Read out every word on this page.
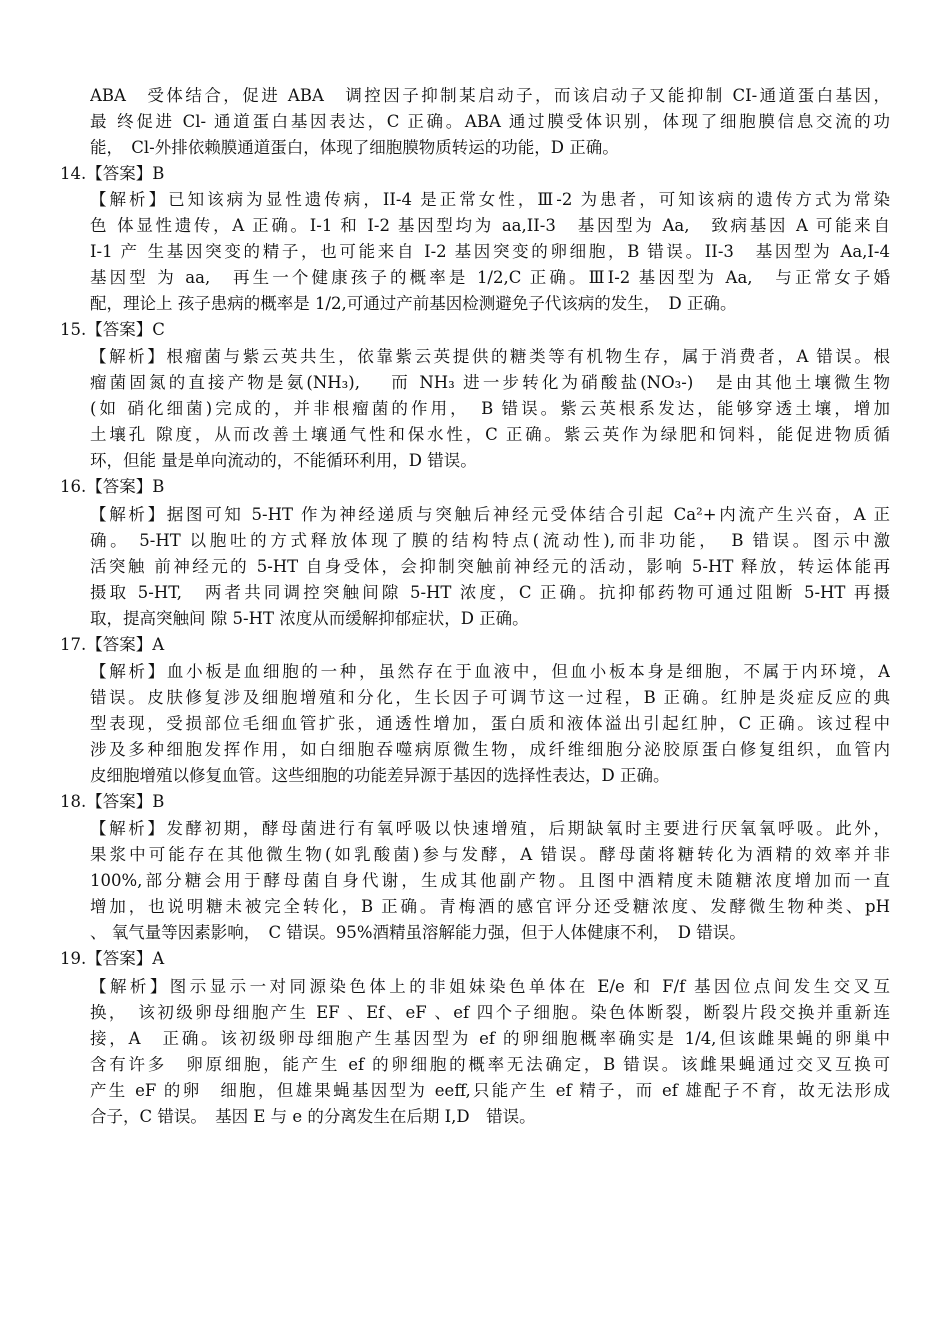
ABA　受体结合，促进 ABA　调控因子抑制某启动子，而该启动子又能抑制 CI-通道蛋白基因，
最 终促进 Cl- 通道蛋白基因表达，C 正确。ABA 通过膜受体识别，体现了细胞膜信息交流的功
能，　Cl-外排依赖膜通道蛋白，体现了细胞膜物质转运的功能，D 正确。
14.【答案】B
【解析】已知该病为显性遗传病，II-4 是正常女性，Ⅲ-2 为患者，可知该病的遗传方式为常染
色 体显性遗传，A 正确。I-1 和 I-2 基因型均为 aa,II-3　基因型为 Aa,　致病基因 A 可能来自
I-1 产 生基因突变的精子，也可能来自 I-2 基因突变的卵细胞，B 错误。II-3　基因型为 Aa,I-4
基因型 为 aa,　再生一个健康孩子的概率是 1/2,C 正确。ⅢI-2 基因型为 Aa,　与正常女子婚
配，理论上 孩子患病的概率是 1/2,可通过产前基因检测避免子代该病的发生，　D 正确。
15.【答案】C
【解析】根瘤菌与紫云英共生，依靠紫云英提供的糖类等有机物生存，属于消费者，A 错误。根
瘤菌固氮的直接产物是氨(NH₃),　 而 NH₃ 进一步转化为硝酸盐(NO₃-)　是由其他土壤微生物
(如 硝化细菌)完成的，并非根瘤菌的作用，　B 错误。紫云英根系发达，能够穿透土壤，增加
土壤孔 隙度，从而改善土壤通气性和保水性，C 正确。紫云英作为绿肥和饲料，能促进物质循
环，但能 量是单向流动的，不能循环利用，D 错误。
16.【答案】B
【解析】据图可知 5-HT 作为神经递质与突触后神经元受体结合引起 Ca²+内流产生兴奋，A 正
确。 5-HT 以胞吐的方式释放体现了膜的结构特点(流动性),而非功能，　B 错误。图示中激
活突触 前神经元的 5-HT 自身受体，会抑制突触前神经元的活动，影响 5-HT 释放，转运体能再
摄取 5-HT,　两者共同调控突触间隙 5-HT 浓度，C 正确。抗抑郁药物可通过阻断 5-HT 再摄
取，提高突触间 隙 5-HT 浓度从而缓解抑郁症状，D 正确。
17.【答案】A
【解析】血小板是血细胞的一种，虽然存在于血液中，但血小板本身是细胞，不属于内环境，A
错误。皮肤修复涉及细胞增殖和分化，生长因子可调节这一过程，B 正确。红肿是炎症反应的典
型表现，受损部位毛细血管扩张，通透性增加，蛋白质和液体溢出引起红肿，C 正确。该过程中
涉及多种细胞发挥作用，如白细胞吞噬病原微生物，成纤维细胞分泌胶原蛋白修复组织，血管内
皮细胞增殖以修复血管。这些细胞的功能差异源于基因的选择性表达，D 正确。
18.【答案】B
【解析】发酵初期，酵母菌进行有氧呼吸以快速增殖，后期缺氧时主要进行厌氧氧呼吸。此外，
果浆中可能存在其他微生物(如乳酸菌)参与发酵，A 错误。酵母菌将糖转化为酒精的效率并非
100%,部分糖会用于酵母菌自身代谢，生成其他副产物。且图中酒精度未随糖浓度增加而一直
增加，也说明糖未被完全转化，B 正确。青梅酒的感官评分还受糖浓度、发酵微生物种类、pH
、 氧气量等因素影响，　C 错误。95%酒精虽溶解能力强，但于人体健康不利，　D 错误。
19.【答案】A
【解析】图示显示一对同源染色体上的非姐妹染色单体在 E/e 和 F/f 基因位点间发生交叉互
换，　该初级卵母细胞产生 EF 、Ef、eF 、ef 四个子细胞。染色体断裂，断裂片段交换并重新连
接，A　正确。该初级卵母细胞产生基因型为 ef 的卵细胞概率确实是 1/4,但该雌果蝇的卵巢中
含有许多　卵原细胞，能产生 ef 的卵细胞的概率无法确定，B 错误。该雌果蝇通过交叉互换可
产生 eF 的卵　细胞，但雄果蝇基因型为 eeff,只能产生 ef 精子，而 ef 雄配子不育，故无法形成
合子，C 错误。　基因 E 与 e 的分离发生在后期 I,D　错误。
